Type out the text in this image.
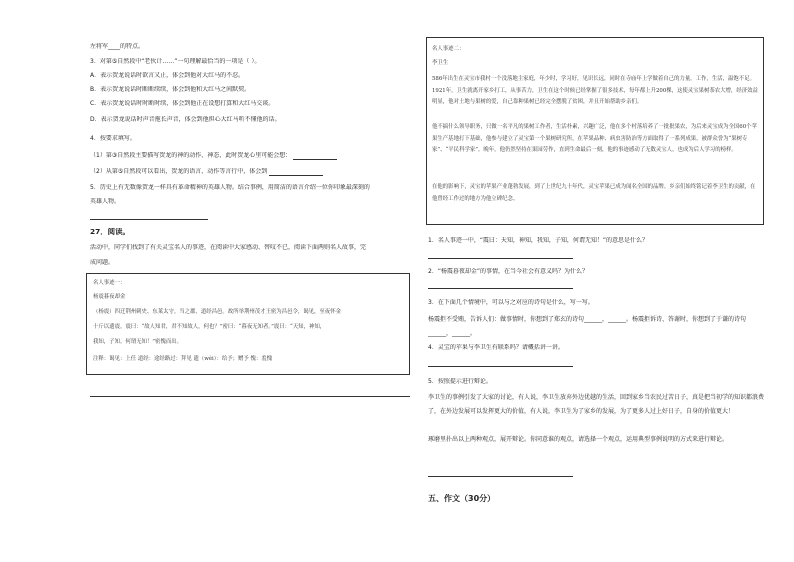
左将军____的特点。
3．对第⑤自然段中“老伙计……”一句理解最恰当的一项是（ ）。
A．表示贺龙说话时欲言又止，体会到他对大红马的不忍。
B．表示贺龙说话时断断续续，体会到他和大红马之间默契。
C．表示贺龙说话时时断时续，体会到他正在设想打算和大红马交谈。
D．表示贺龙说话时声音拖长声音，体会到他担心大红马听不懂他的话。
4．按要求填写。
（1）第③自然段主要描写贺龙的神的动作、神态，此时贺龙心里可能会想：
（2）从第⑤自然段可以看出，贺龙的语言、动作等言行中，体会到
5．历史上有无数像贺龙一样具有革命精神的英雄人物。结合事例，用简洁的语言介绍一位你印象最深刻的
英雄人物。
27．阅读。
活动中，同学们找到了有关灵宝名人的事迹，在阅读中大家感动、替叹不已，阅读下面两则名人故事，完
成问题。
名人事迹一：
杨震暮夜却金
（杨震）四迁荆州刺史、东莱太守。当之郡，道经昌邑。故所举荆州茂才王密为昌邑令，谒见，至夜怀金
十斤以遗震。震曰：“故人知君，君不知故人，何也？”密曰：“暮夜无知者。”震曰：“天知，神知，
我知，子知。何谓无知！”密愧而出。
注释：谒见：上任 道经：途经路过：拜见 遗（wèi）：给予；赠予 愧：羞愧
名人事迹二：
李卫生
586年出生在灵宝市我村一个没落地主家庭，年少时，学习好，见识长远，同时在寺庙年上学做着自己的力量。工作，生活，温饱不足。1921年，卫生就离开家乡打工，从事苦力，卫生在这个时候已经掌握了很多技术，每年都上升200棵，这使灵宝果树茶农大增，经济效益明显，他对土地与果树的爱，自己靠种果树已经完全摆脱了贫困，并且开始帮助乡亲们。
他不搞什么领导职务，只做一名平凡的果树工作者，生活朴素，兴趣广泛，他在多个村落培养了一批批果农，为后来灵宝成为全国60个苹果生产基地打下基础，他参与建立了灵宝第一个果树研究所，在苹果品种、病虫害防治等方面取得了一系列成果，被群众誉为“果树专家”、“平民科学家”。晚年，他仍然坚持在果园劳作，直到生命最后一刻，他的事迹感动了无数灵宝人，也成为后人学习的榜样。
在他的影响下，灵宝的苹果产业蓬勃发展，到了上世纪九十年代，灵宝苹果已成为闻名全国的品牌。乡亲们始终铭记着李卫生的贡献，在他曾经工作过的地方为他立碑纪念。
1．名人事迹一中，“震曰：天知，神知，我知，子知，何谓无知！”的意思是什么？
2．“杨震暮夜却金”的事情，在当今社会有意义吗？为什么？
3．在下面几个情境中，可以与之对应的诗句是什么，写一写。
杨震拒不受贿，告诉人们：做事情时，你想到了郑玄的诗句______，______。杨震拒诉诗、答谢时，你想到了于谦的诗句______，______。
4．灵宝的苹果与李卫生有联系吗？请概括讲一讲。
5．按照提示进行辩论。
李卫生的事例引发了大家的讨论，有人说，李卫生放弃外边优越的生活，回到家乡当农民过苦日子，真是把当初学的知识都浪费了，在外边发展可以发挥更大的价值，有人说，李卫生为了家乡的发展，为了更多人过上好日子，自身的价值更大！
琢磨里扑出以上两种观点，展开辩论。你同意谁的观点，请选择一个观点，运用典型事例说明的方式来进行辩论。
五、作文（30分）
